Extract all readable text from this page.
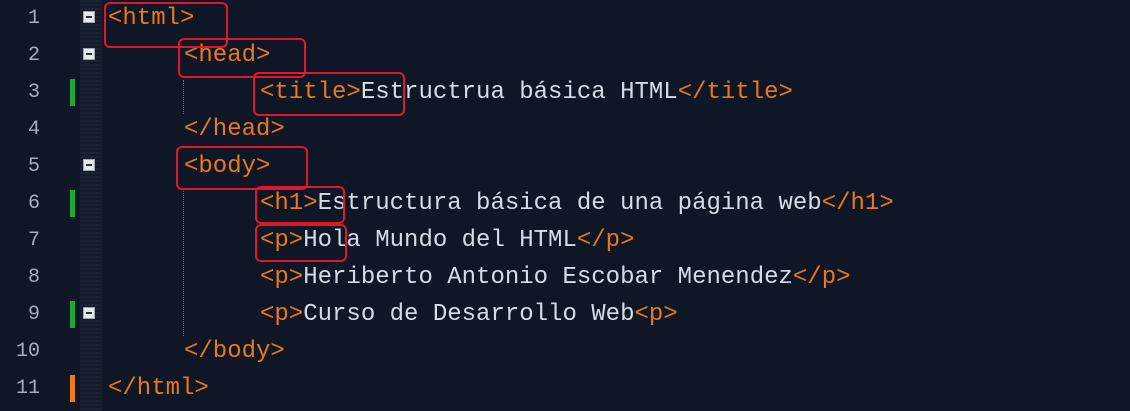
1	<html>
2	<head>
3	<title> Estructrua básica HTML </title>
4	</head>
5	<body>
6	<h1> Estructura básica de una página web </h1>
7	<p> Hola Mundo del HTML </p>
8	<p> Heriberto Antonio Escobar Menendez </p>
9	<p> Curso de Desarrollo Web <p>
10	</body>
11	</html>
